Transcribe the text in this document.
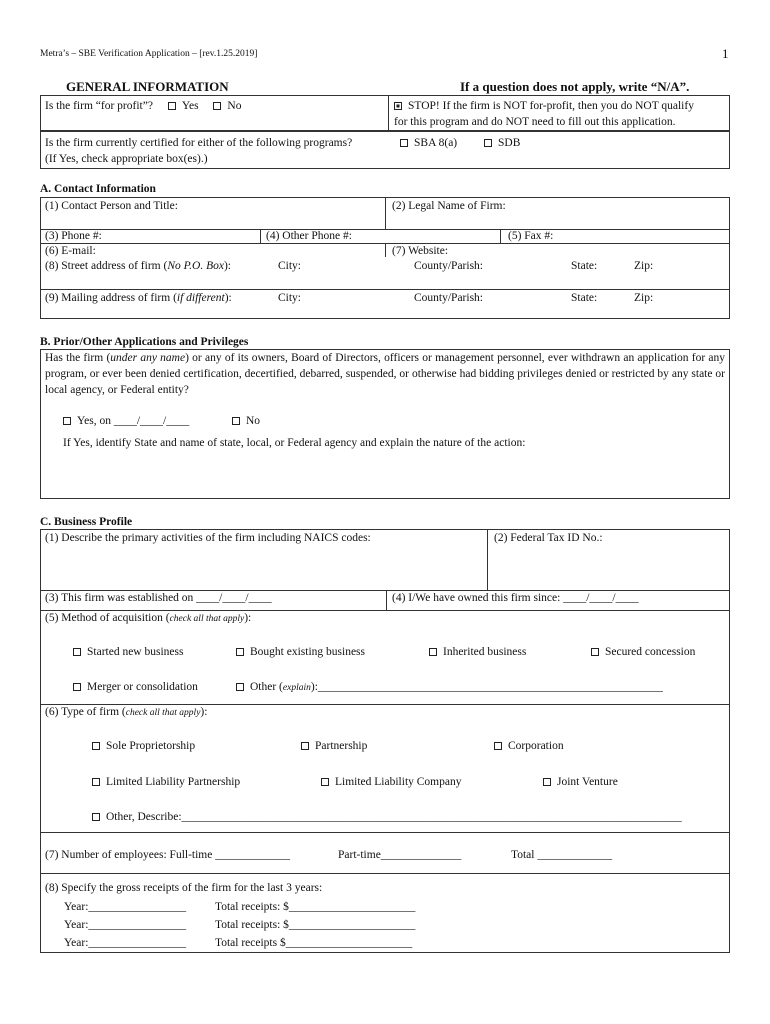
Metra’s – SBE Verification Application – [rev.1.25.2019]	1
GENERAL INFORMATION	If a question does not apply, write “N/A”.
Is the firm “for profit”?	Yes	No	STOP! If the firm is NOT for-profit, then you do NOT qualify
for this program and do NOT need to fill out this application.
Is the firm currently certified for either of the following programs?
(If Yes, check appropriate box(es).)
SBA 8(a)	SDB
A. Contact Information
(1) Contact Person and Title:	(2) Legal Name of Firm:
(3) Phone #:	(4) Other Phone #:	(5) Fax #:
(6) E-mail:	(7) Website:
(8) Street address of firm (No P.O. Box):	City:	County/Parish:	State:	Zip:
(9) Mailing address of firm (if different):	City:	County/Parish:	State:	Zip:
B. Prior/Other Applications and Privileges
Has the firm (under any name) or any of its owners, Board of Directors, officers or management personnel, ever withdrawn an application for any program, or ever been denied certification, decertified, debarred, suspended, or otherwise had bidding privileges denied or restricted by any state or local agency, or Federal entity?
Yes, on ____/____/____	No
If Yes, identify State and name of state, local, or Federal agency and explain the nature of the action:
C. Business Profile
(1) Describe the primary activities of the firm including NAICS codes:	(2) Federal Tax ID No.:
(3) This firm was established on ____/____/____	(4) I/We have owned this firm since: ____/____/____
(5) Method of acquisition (check all that apply):
Started new business	Bought existing business	Inherited business	Secured concession
Merger or consolidation	Other (explain):____________________________________________________________
(6) Type of firm (check all that apply):
Sole Proprietorship	Partnership	Corporation
Limited Liability Partnership	Limited Liability Company	Joint Venture
Other, Describe:_______________________________________________________________________________________
(7) Number of employees: Full-time _____________	Part-time______________	Total _____________
(8) Specify the gross receipts of the firm for the last 3 years:
Year:_________________	Total receipts: $______________________
Year:_________________	Total receipts: $______________________
Year:_________________	Total receipts $______________________
